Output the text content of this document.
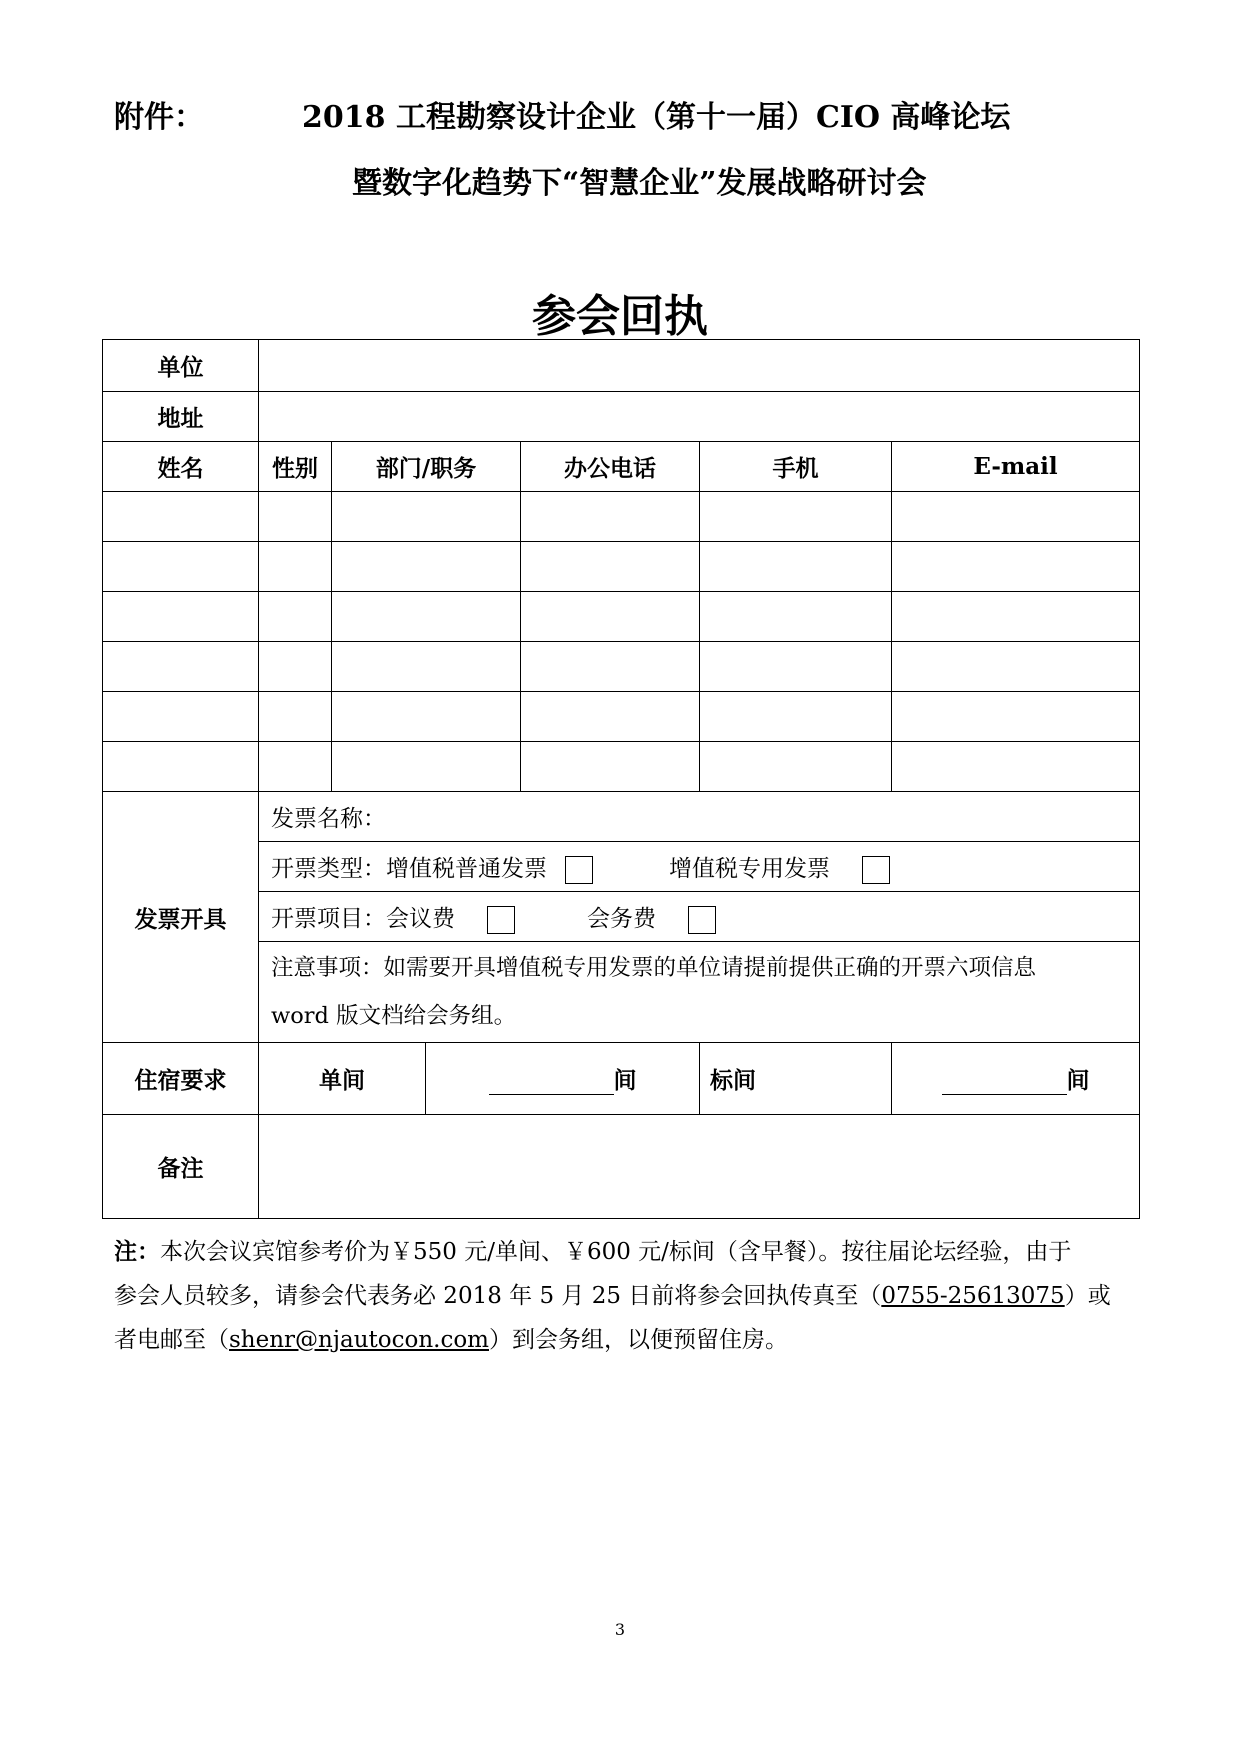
附件：	2018 工程勘察设计企业（第十一届）CIO 高峰论坛
暨数字化趋势下“智慧企业”发展战略研讨会
参会回执
单位						
地址						
姓名	性别	部门/职务		办公电话	手机	E-mail

发票开具	发票名称：					
	开票类型：增值税普通发票 增值税专用发票					
	开票项目：会议费 会务费					

	注意事项：如需要开具增值税专用发票的单位请提前提供正确的开票六项信息
word 版文档给会务组。					

住宿要求	单间		间		标间	间
备注						
注：本次会议宾馆参考价为￥550 元/单间、￥600 元/标间（含早餐）。按往届论坛经验，由于
参会人员较多，请参会代表务必 2018 年 5 月 25 日前将参会回执传真至（0755-25613075）或
者电邮至（shenr@njautocon.com）到会务组，以便预留住房。
3
